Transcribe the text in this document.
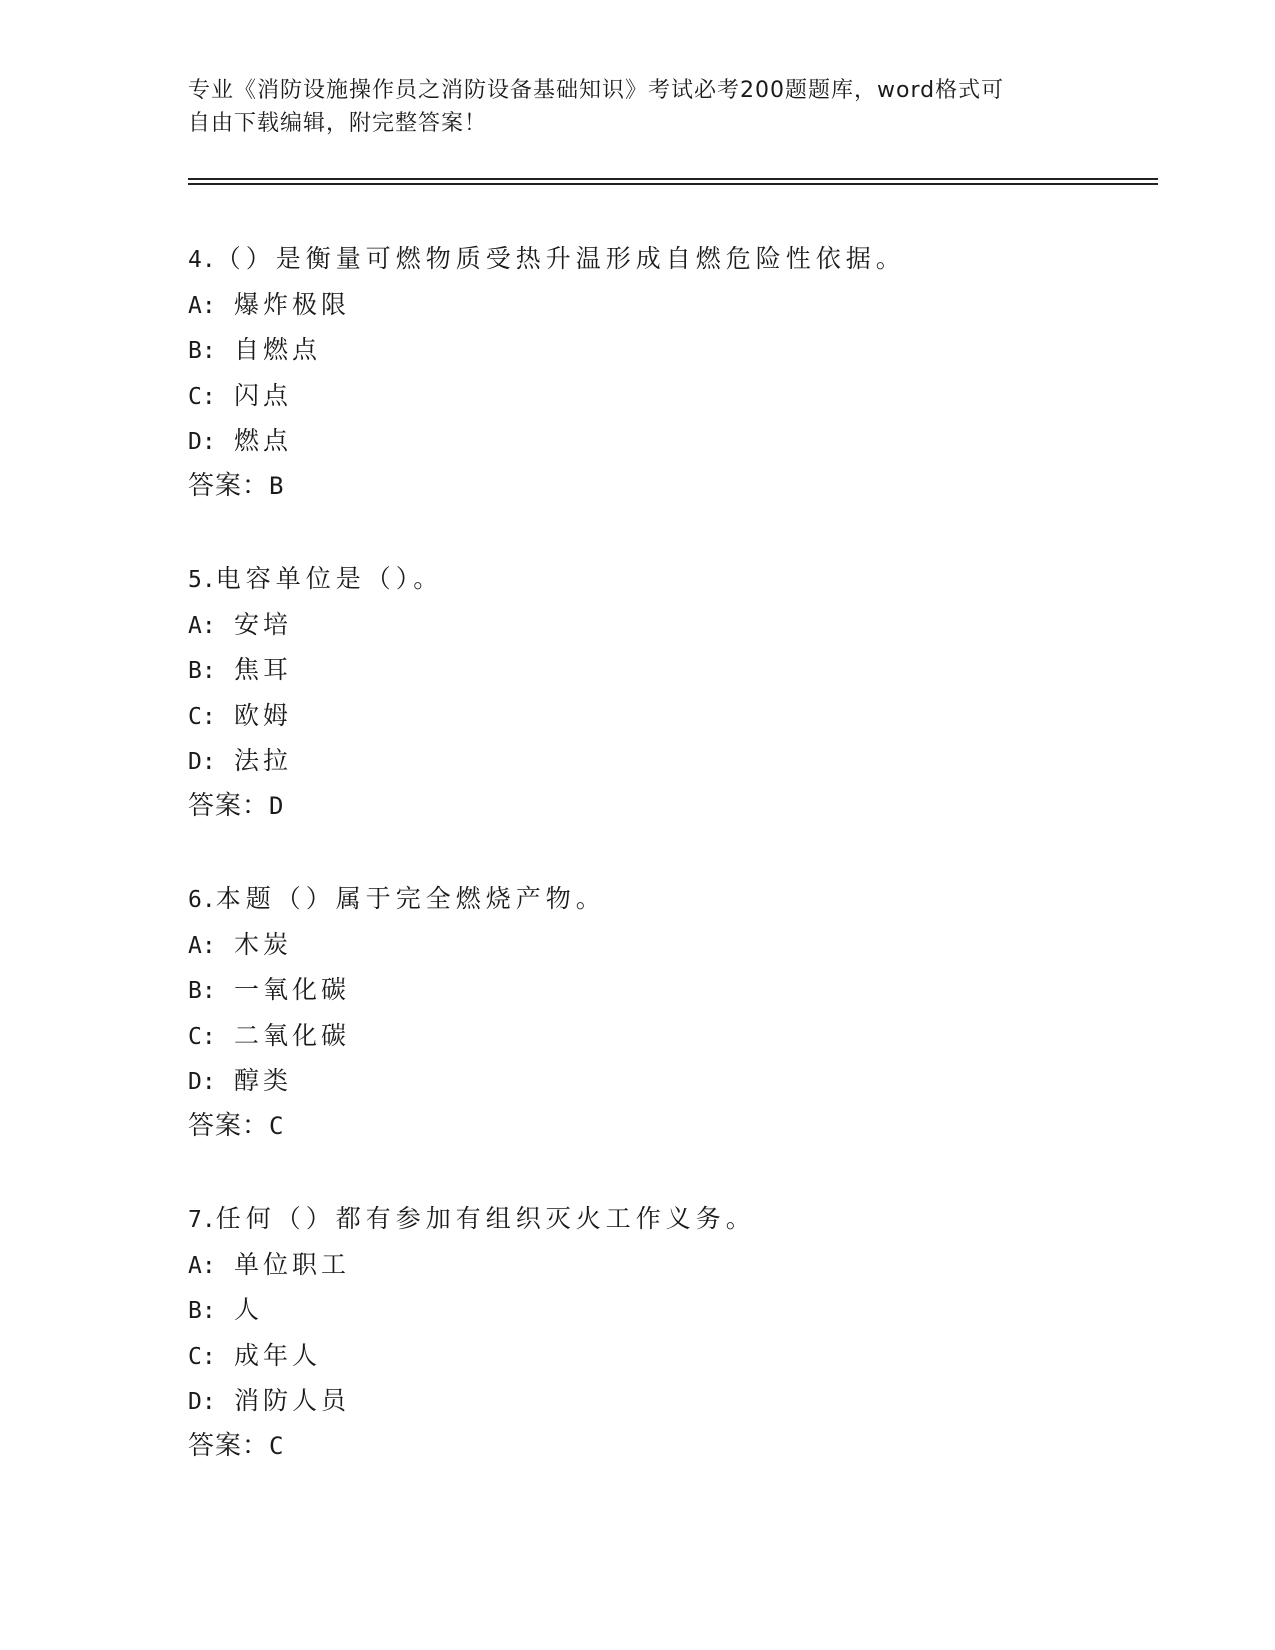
专业《消防设施操作员之消防设备基础知识》考试必考200题题库，word格式可
自由下载编辑，附完整答案！
4.（）是衡量可燃物质受热升温形成自燃危险性依据。
A: 爆炸极限
B: 自燃点
C: 闪点
D: 燃点
答案：B
5.电容单位是（）。
A: 安培
B: 焦耳
C: 欧姆
D: 法拉
答案：D
6.本题（）属于完全燃烧产物。
A: 木炭
B: 一氧化碳
C: 二氧化碳
D: 醇类
答案：C
7.任何（）都有参加有组织灭火工作义务。
A: 单位职工
B: 人
C: 成年人
D: 消防人员
答案：C
